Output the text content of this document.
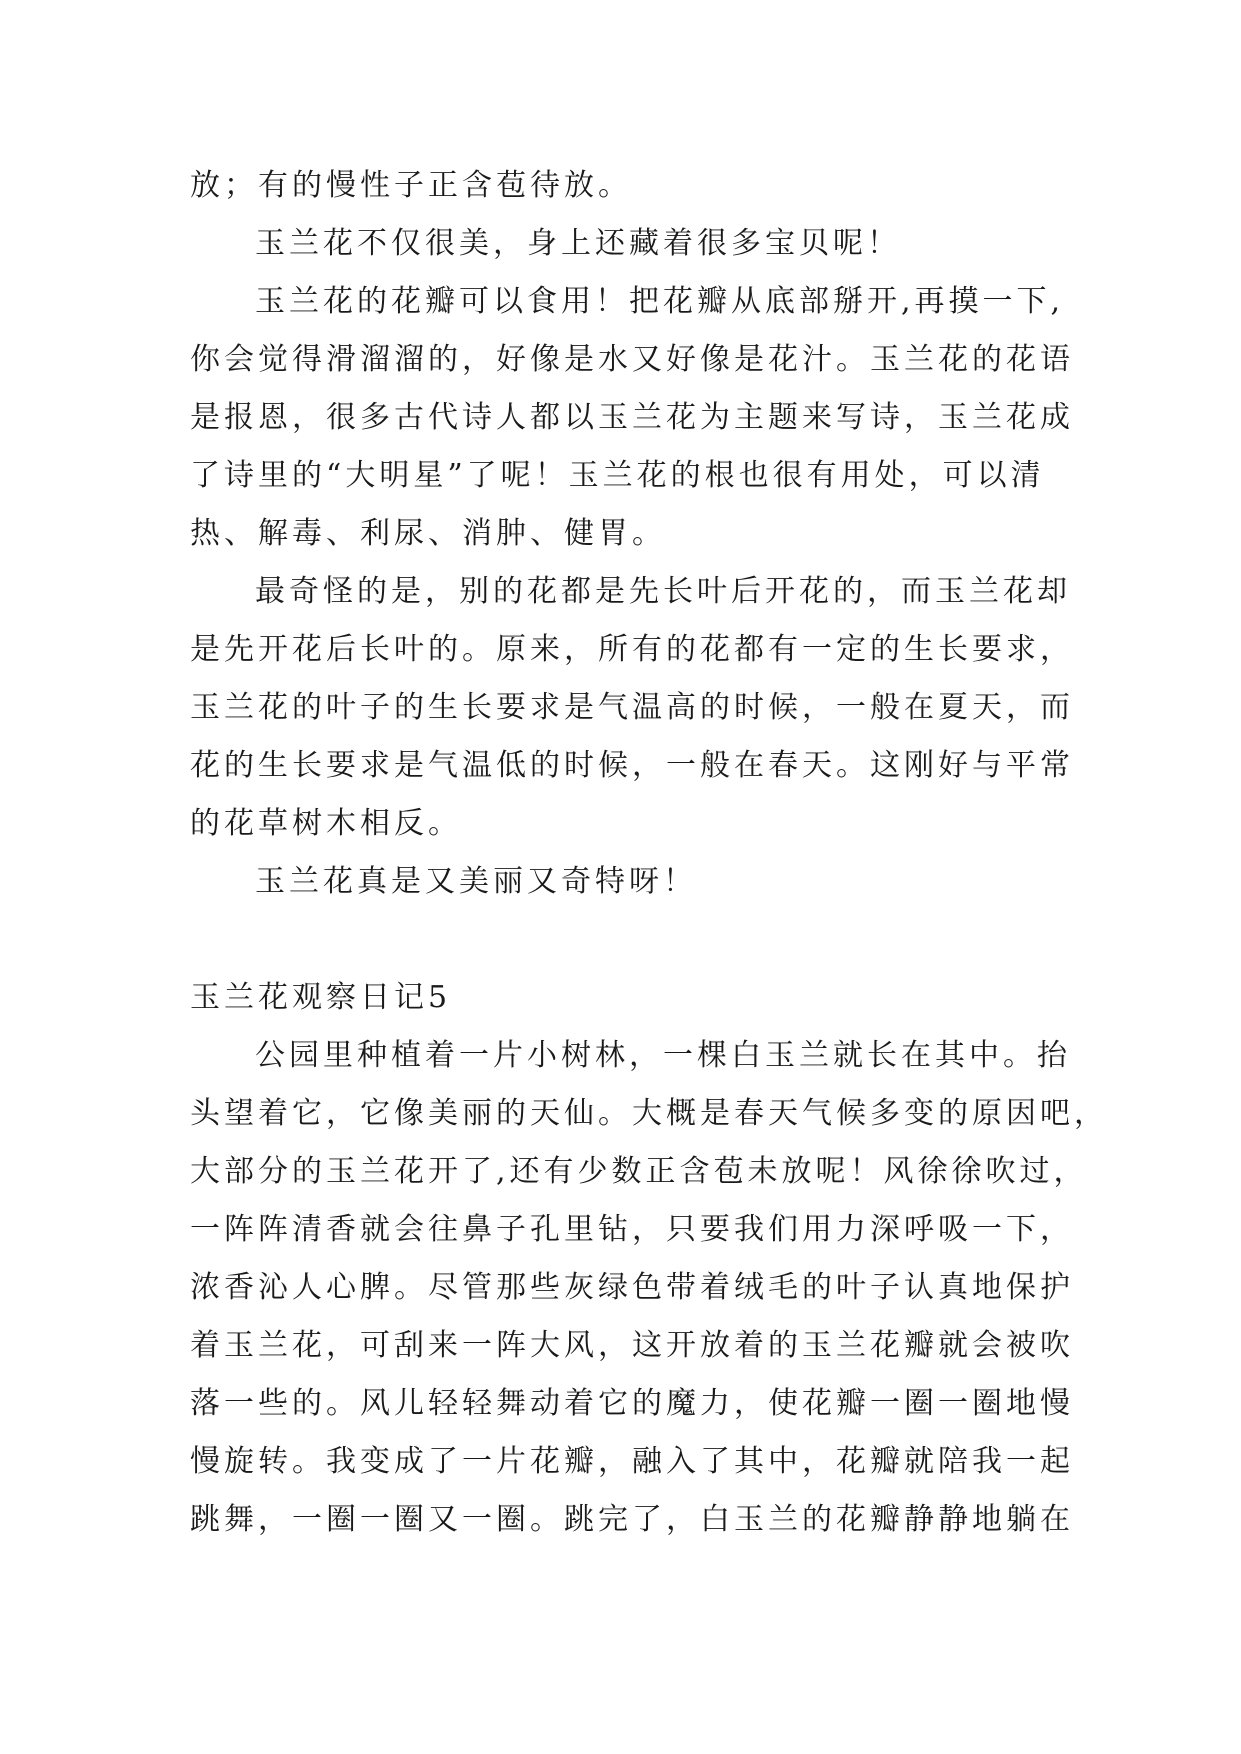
放；有的慢性子正含苞待放。
玉兰花不仅很美，身上还藏着很多宝贝呢！
玉兰花的花瓣可以食用！把花瓣从底部掰开,再摸一下,
你会觉得滑溜溜的，好像是水又好像是花汁。玉兰花的花语
是报恩，很多古代诗人都以玉兰花为主题来写诗，玉兰花成
了诗里的“大明星”了呢！玉兰花的根也很有用处，可以清
热、解毒、利尿、消肿、健胃。
最奇怪的是，别的花都是先长叶后开花的，而玉兰花却
是先开花后长叶的。原来，所有的花都有一定的生长要求，
玉兰花的叶子的生长要求是气温高的时候，一般在夏天，而
花的生长要求是气温低的时候，一般在春天。这刚好与平常
的花草树木相反。
玉兰花真是又美丽又奇特呀！
玉兰花观察日记5
公园里种植着一片小树林，一棵白玉兰就长在其中。抬
头望着它，它像美丽的天仙。大概是春天气候多变的原因吧，
大部分的玉兰花开了,还有少数正含苞未放呢！风徐徐吹过，
一阵阵清香就会往鼻子孔里钻，只要我们用力深呼吸一下，
浓香沁人心脾。尽管那些灰绿色带着绒毛的叶子认真地保护
着玉兰花，可刮来一阵大风，这开放着的玉兰花瓣就会被吹
落一些的。风儿轻轻舞动着它的魔力，使花瓣一圈一圈地慢
慢旋转。我变成了一片花瓣，融入了其中，花瓣就陪我一起
跳舞，一圈一圈又一圈。跳完了，白玉兰的花瓣静静地躺在
